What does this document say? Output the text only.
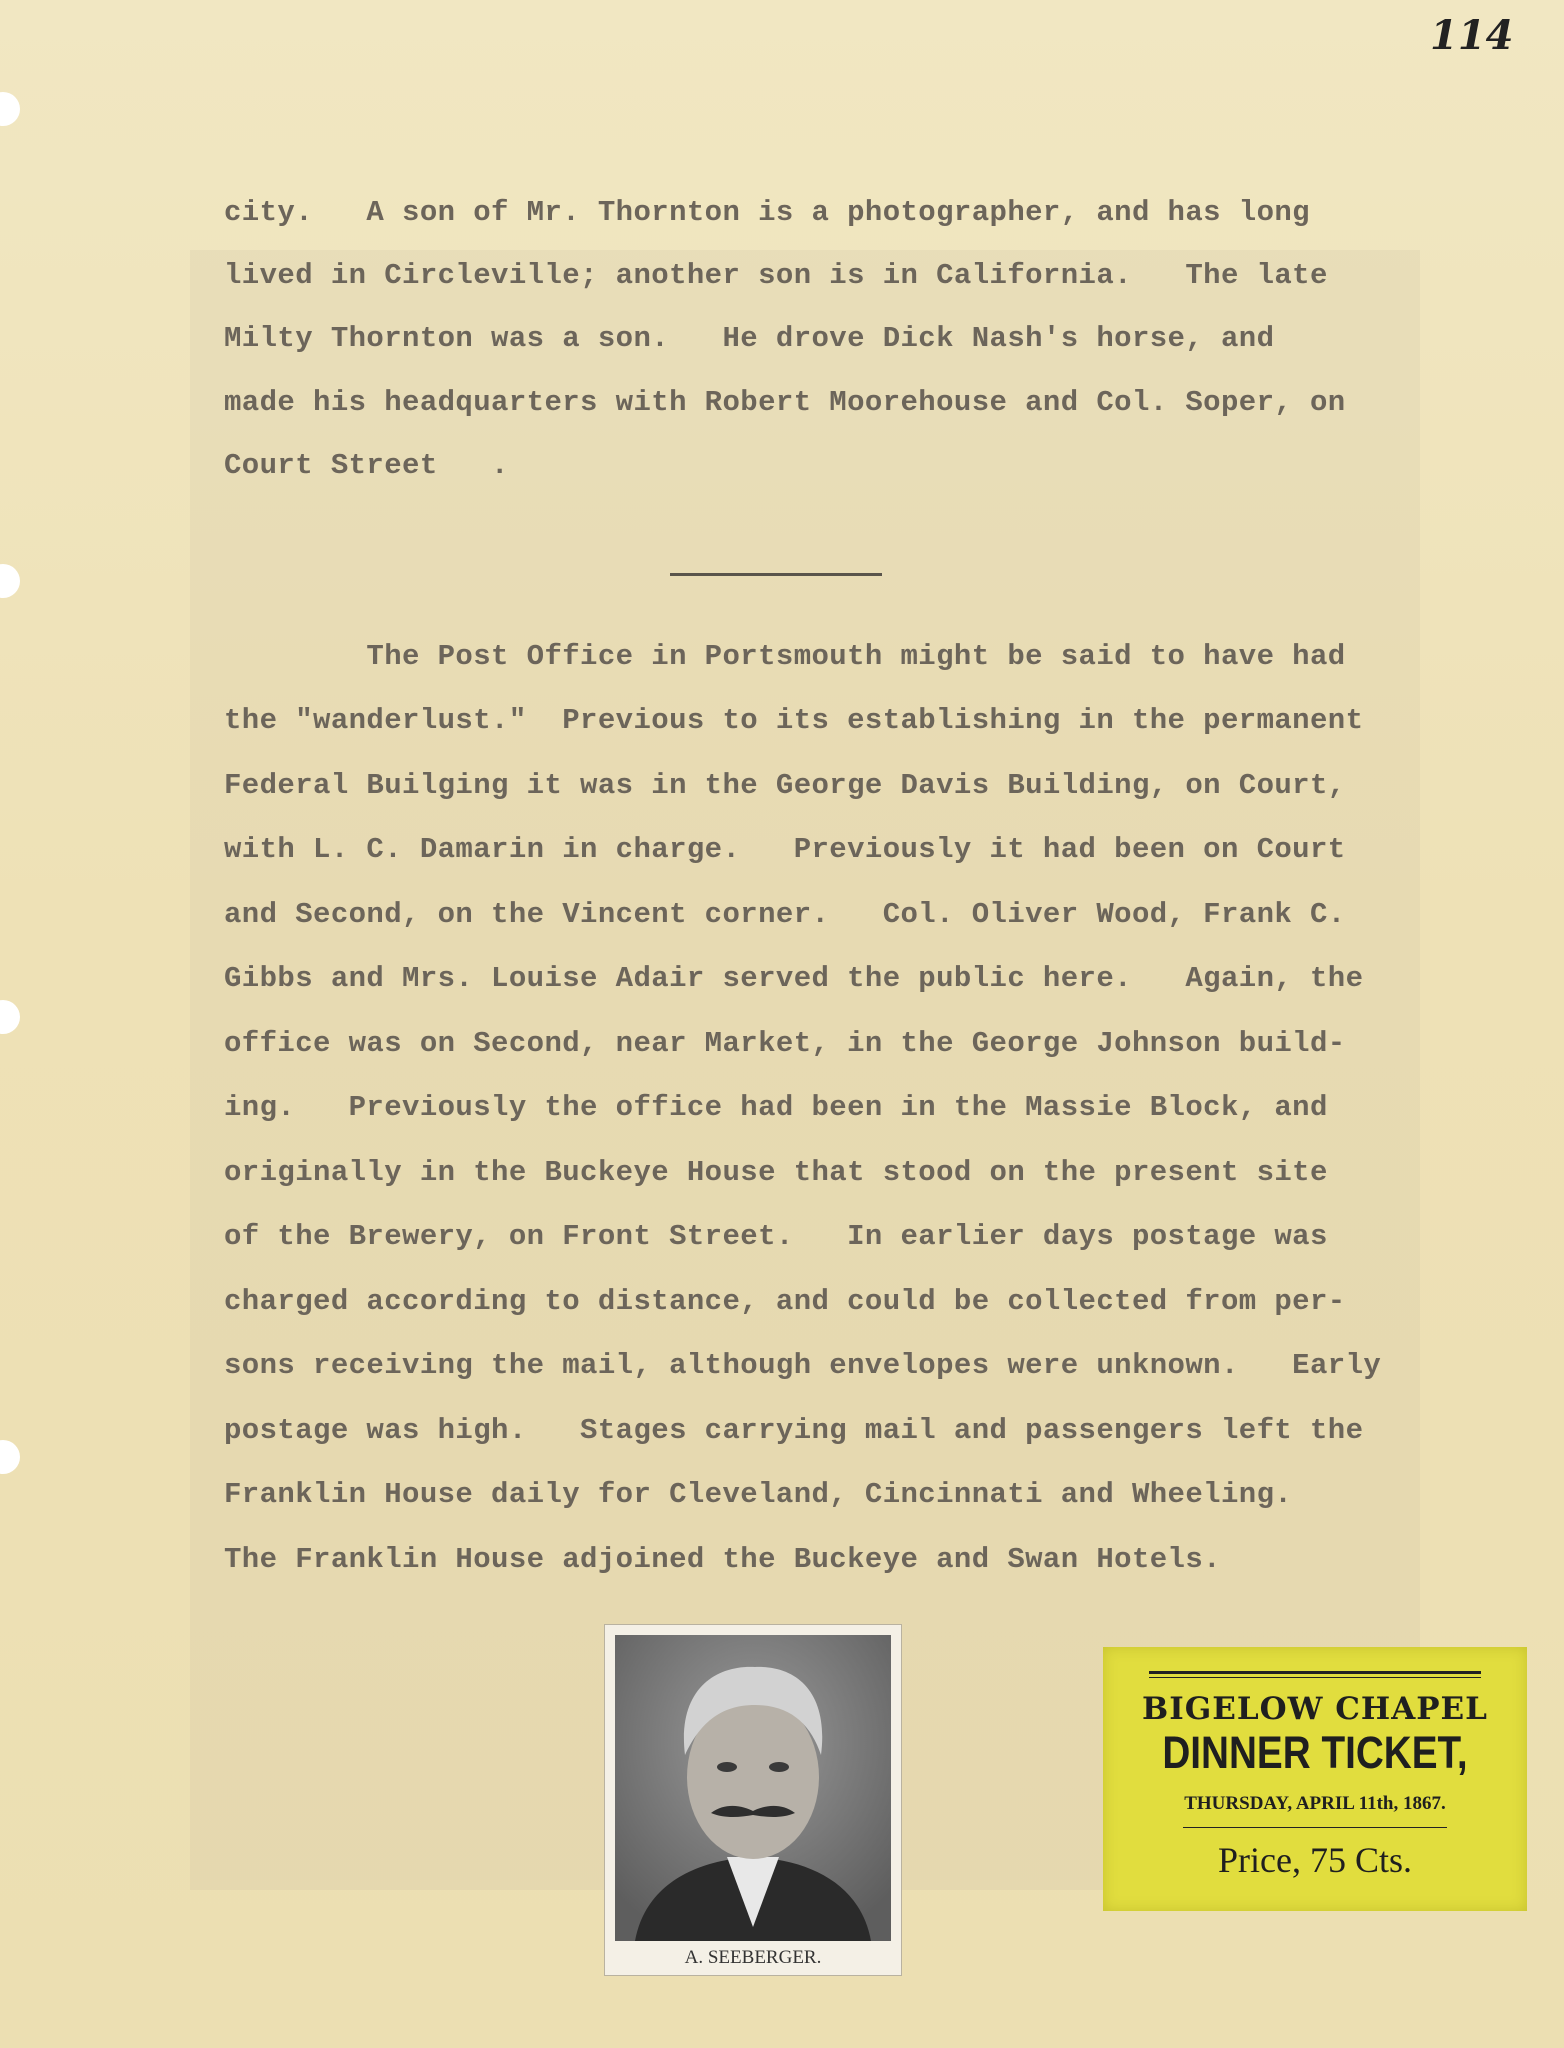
114
city.   A son of Mr. Thornton is a photographer, and has long
lived in Circleville; another son is in California.   The late
Milty Thornton was a son.   He drove Dick Nash's horse, and
made his headquarters with Robert Moorehouse and Col. Soper, on
Court Street   .
The Post Office in Portsmouth might be said to have had
the "wanderlust."  Previous to its establishing in the permanent
Federal Builging it was in the George Davis Building, on Court,
with L. C. Damarin in charge.   Previously it had been on Court
and Second, on the Vincent corner.   Col. Oliver Wood, Frank C.
Gibbs and Mrs. Louise Adair served the public here.   Again, the
office was on Second, near Market, in the George Johnson build-
ing.   Previously the office had been in the Massie Block, and
originally in the Buckeye House that stood on the present site
of the Brewery, on Front Street.   In earlier days postage was
charged according to distance, and could be collected from per-
sons receiving the mail, although envelopes were unknown.   Early
postage was high.   Stages carrying mail and passengers left the
Franklin House daily for Cleveland, Cincinnati and Wheeling.
The Franklin House adjoined the Buckeye and Swan Hotels.
A. SEEBERGER.
BIGELOW CHAPEL
DINNER TICKET,
THURSDAY, APRIL 11th, 1867.
Price, 75 Cts.
